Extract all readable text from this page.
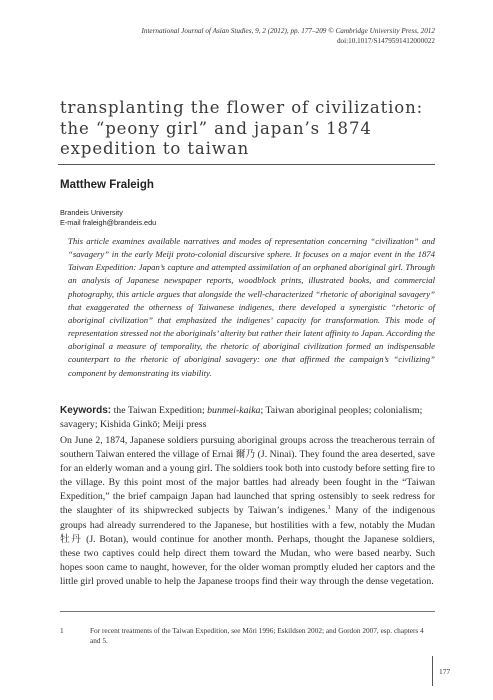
International Journal of Asian Studies, 9, 2 (2012), pp. 177–209 © Cambridge University Press, 2012
doi:10.1017/S1479591412000022
transplanting the flower of civilization: the “peony girl” and japan’s 1874 expedition to taiwan
Matthew Fraleigh
Brandeis University
E-mail fraleigh@brandeis.edu

This article examines available narratives and modes of representation concerning “civilization” and “savagery” in the early Meiji proto-colonial discursive sphere. It focuses on a major event in the 1874 Taiwan Expedition: Japan’s capture and attempted assimilation of an orphaned aboriginal girl. Through an analysis of Japanese newspaper reports, woodblock prints, illustrated books, and commercial photography, this article argues that alongside the well-characterized “rhetoric of aboriginal savagery” that exaggerated the otherness of Taiwanese indigenes, there developed a synergistic “rhetoric of aboriginal civilization” that emphasized the indigenes’ capacity for transformation. This mode of representation stressed not the aboriginals’ alterity but rather their latent affinity to Japan. According the aboriginal a measure of temporality, the rhetoric of aboriginal civilization formed an indispensable counterpart to the rhetoric of aboriginal savagery: one that affirmed the campaign’s “civilizing” component by demonstrating its viability.

Keywords: the Taiwan Expedition; bunmei-kaika; Taiwan aboriginal peoples; colonialism; savagery; Kishida Ginkō; Meiji press

On June 2, 1874, Japanese soldiers pursuing aboriginal groups across the treacherous terrain of southern Taiwan entered the village of Ernai 爾乃 (J. Ninai). They found the area deserted, save for an elderly woman and a young girl. The soldiers took both into custody before setting fire to the village. By this point most of the major battles had already been fought in the “Taiwan Expedition,” the brief campaign Japan had launched that spring ostensibly to seek redress for the slaughter of its shipwrecked subjects by Taiwan’s indigenes.$^1$ Many of the indigenous groups had already surrendered to the Japanese, but hostilities with a few, notably the Mudan 牡丹 (J. Botan), would continue for another month. Perhaps, thought the Japanese soldiers, these two captives could help direct them toward the Mudan, who were based nearby. Such hopes soon came to naught, however, for the older woman promptly eluded her captors and the little girl proved unable to help the Japanese troops find their way through the dense vegetation.

1	For recent treatments of the Taiwan Expedition, see Mōri 1996; Eskildsen 2002; and Gordon 2007, esp. chapters 4 and 5.
177
